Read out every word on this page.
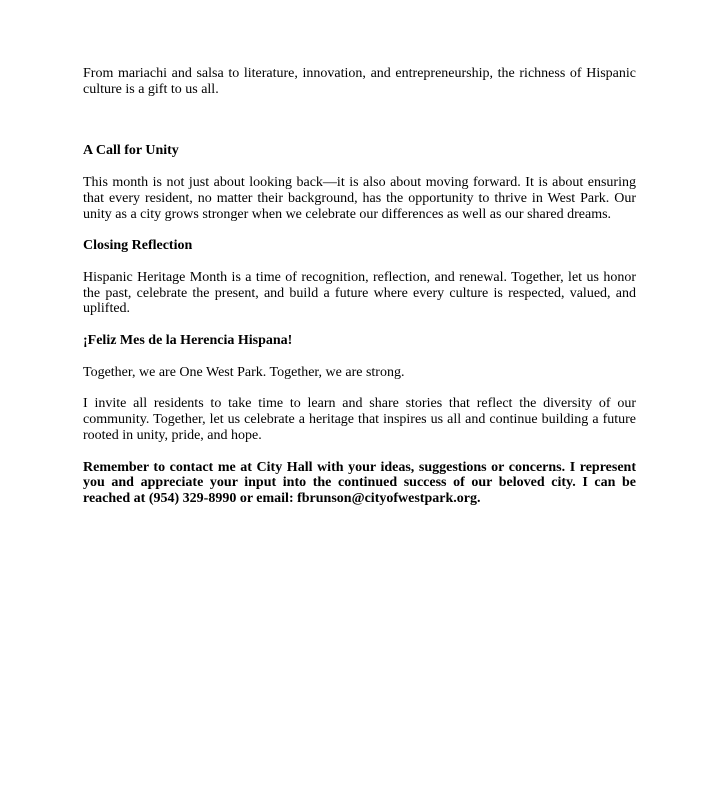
From mariachi and salsa to literature, innovation, and entrepreneurship, the richness of Hispanic culture is a gift to us all.

A Call for Unity

This month is not just about looking back—it is also about moving forward. It is about ensuring that every resident, no matter their background, has the opportunity to thrive in West Park. Our unity as a city grows stronger when we celebrate our differences as well as our shared dreams.

Closing Reflection

Hispanic Heritage Month is a time of recognition, reflection, and renewal. Together, let us honor the past, celebrate the present, and build a future where every culture is respected, valued, and uplifted.

¡Feliz Mes de la Herencia Hispana!

Together, we are One West Park. Together, we are strong.

I invite all residents to take time to learn and share stories that reflect the diversity of our community. Together, let us celebrate a heritage that inspires us all and continue building a future rooted in unity, pride, and hope.

Remember to contact me at City Hall with your ideas, suggestions or concerns. I represent you and appreciate your input into the continued success of our beloved city. I can be reached at (954) 329-8990 or email: fbrunson@cityofwestpark.org.
